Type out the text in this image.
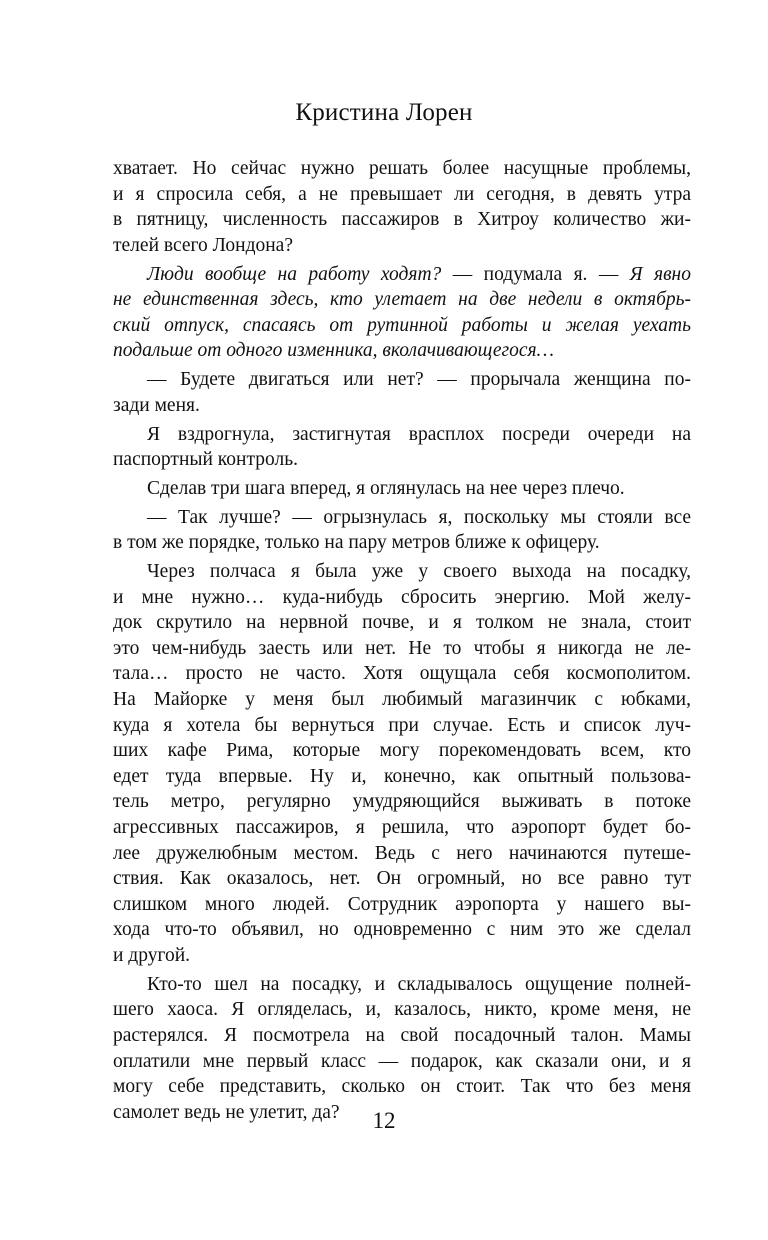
Кристина Лорен
хватает. Но сейчас нужно решать более насущные проблемы,
и я спросила себя, а не превышает ли сегодня, в девять утра
в пятницу, численность пассажиров в Хитроу количество жи-
телей всего Лондона?
Люди вообще на работу ходят? — подумала я. — Я явно
не единственная здесь, кто улетает на две недели в октябрь-
ский отпуск, спасаясь от рутинной работы и желая уехать
подальше от одного изменника, вколачивающегося…
— Будете двигаться или нет? — прорычала женщина по-
зади меня.
Я вздрогнула, застигнутая врасплох посреди очереди на
паспортный контроль.
Сделав три шага вперед, я оглянулась на нее через плечо.
— Так лучше? — огрызнулась я, поскольку мы стояли все
в том же порядке, только на пару метров ближе к офицеру.
Через полчаса я была уже у своего выхода на посадку,
и мне нужно… куда-нибудь сбросить энергию. Мой желу-
док скрутило на нервной почве, и я толком не знала, стоит
это чем-нибудь заесть или нет. Не то чтобы я никогда не ле-
тала… просто не часто. Хотя ощущала себя космополитом.
На Майорке у меня был любимый магазинчик с юбками,
куда я хотела бы вернуться при случае. Есть и список луч-
ших кафе Рима, которые могу порекомендовать всем, кто
едет туда впервые. Ну и, конечно, как опытный пользова-
тель метро, регулярно умудряющийся выживать в потоке
агрессивных пассажиров, я решила, что аэропорт будет бо-
лее дружелюбным местом. Ведь с него начинаются путеше-
ствия. Как оказалось, нет. Он огромный, но все равно тут
слишком много людей. Сотрудник аэропорта у нашего вы-
хода что-то объявил, но одновременно с ним это же сделал
и другой.
Кто-то шел на посадку, и складывалось ощущение полней-
шего хаоса. Я огляделась, и, казалось, никто, кроме меня, не
растерялся. Я посмотрела на свой посадочный талон. Мамы
оплатили мне первый класс — подарок, как сказали они, и я
могу себе представить, сколько он стоит. Так что без меня
самолет ведь не улетит, да?	12
